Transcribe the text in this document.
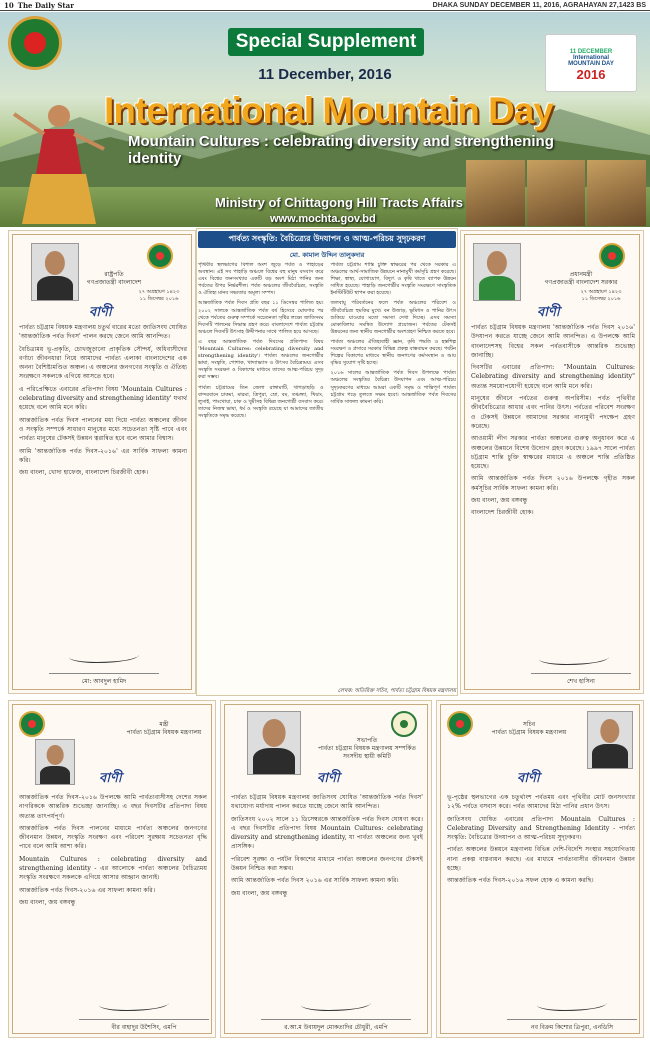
10 The Daily Star	DHAKA SUNDAY DECEMBER 11, 2016, AGRAHAYAN 27,1423 BS
Special Supplement
11 December, 2016
11 DECEMBER
International
MOUNTAIN DAY
2016
International Mountain Day
Mountain Cultures : celebrating diversity and strengthening identity
Ministry of Chittagong Hill Tracts Affairs
www.mochta.gov.bd
রাষ্ট্রপতি
গণপ্রজাতন্ত্রী বাংলাদেশ
২৭ অগ্রহায়ণ ১৪২৩
১১ ডিসেম্বর ২০১৬
বাণী

পার্বত্য চট্টগ্রাম বিষয়ক মন্ত্রণালয় চতুর্থ বারের মতো জাতিসংঘ ঘোষিত 'আন্তর্জাতিক পর্বত দিবস' পালন করছে জেনে আমি আনন্দিত।

বৈচিত্র্যময় ভূ-প্রকৃতি, চোখজুড়ানো প্রাকৃতিক সৌন্দর্য, অধিবাসীদের বর্ণাঢ্য জীবনধারা নিয়ে আমাদের পার্বত্য এলাকা বাংলাদেশের এক অনন্য বৈশিষ্ট্যমণ্ডিত অঞ্চল। এ অঞ্চলের জনগণের সংস্কৃতি ও ঐতিহ্য সংরক্ষণে সকলকে এগিয়ে আসতে হবে।

এ পরিপ্রেক্ষিতে এবারের প্রতিপাদ্য বিষয় 'Mountain Cultures : celebrating diversity and strengthening identity' যথার্থ হয়েছে বলে আমি মনে করি।

আন্তর্জাতিক পর্বত দিবস পালনের মধ্য দিয়ে পার্বত্য অঞ্চলের জীবন ও সংস্কৃতি সম্পর্কে সাধারণ মানুষের মধ্যে সচেতনতা সৃষ্টি পাবে এবং পার্বত্য মানুষের টেকসই উন্নয়ন ত্বরান্বিত হবে বলে আমার বিশ্বাস।

আমি 'আন্তর্জাতিক পর্বত দিবস-২০১৬' এর সার্বিক সাফল্য কামনা করি।

জয় বাংলা, খোদা হাফেজ, বাংলাদেশ চিরজীবী হোক।

মো: আবদুল হামিদ
পার্বত্য সংস্কৃতি: বৈচিত্র্যের উদযাপন ও আত্ম-পরিচয় সুদৃঢ়করণ
মো. কামাল উদ্দিন তালুকদার

পৃথিবীর স্থলভাগের বিশাল অংশ জুড়ে পর্বত ও পাহাড়ের অবস্থান। এই সব পাহাড়ি অঞ্চলে বিশ্বের বহু মানুষ বসবাস করে এবং বিশ্বের জনসংখ্যার একটি বড় অংশ মিঠা পানির জন্য পর্বতের উপর নির্ভরশীল। পর্বত অঞ্চলের জীববৈচিত্র্য, সংস্কৃতি ও ঐতিহ্য মানব সভ্যতার অমূল্য সম্পদ।

আন্তর্জাতিক পর্বত দিবস প্রতি বছর ১১ ডিসেম্বর পালিত হয়। ২০০২ সালকে আন্তর্জাতিক পর্বত বর্ষ হিসেবে ঘোষণার পর থেকে পর্বতের গুরুত্ব সম্পর্কে সচেতনতা সৃষ্টির লক্ষ্যে জাতিসংঘ দিবসটি পালনের সিদ্ধান্ত গ্রহণ করে। বাংলাদেশে পার্বত্য চট্টগ্রাম অঞ্চলে দিবসটি উৎসাহ উদ্দীপনার সাথে পালিত হয়ে আসছে।

এ বছর আন্তর্জাতিক পর্বত দিবসের প্রতিপাদ্য বিষয় 'Mountain Cultures: celebrating diversity and strengthening identity'। পার্বত্য অঞ্চলের জনগোষ্ঠীর ভাষা, সংস্কৃতি, পোশাক, খাদ্যাভ্যাস ও উৎসব বৈচিত্র্যময়। এসব সংস্কৃতি সংরক্ষণ ও বিকাশের মাধ্যমে তাদের আত্ম-পরিচয় সুদৃঢ় করা সম্ভব।

পার্বত্য চট্টগ্রামের তিন জেলা রাঙ্গামাটি, খাগড়াছড়ি ও বান্দরবানে চাকমা, মারমা, ত্রিপুরা, ম্রো, বম, তঞ্চঙ্গ্যা, খিয়াং, লুসাই, পাংখোয়া, চাক ও খুমীসহ বিভিন্ন জনগোষ্ঠী বসবাস করে। তাদের নিজস্ব ভাষা, ধর্ম ও সংস্কৃতি রয়েছে যা আমাদের জাতীয় সংস্কৃতিকে সমৃদ্ধ করেছে।

পার্বত্য চট্টগ্রাম শান্তি চুক্তি স্বাক্ষরের পর থেকে সরকার এ অঞ্চলের আর্থ-সামাজিক উন্নয়নে নানামুখী কর্মসূচি গ্রহণ করেছে। শিক্ষা, স্বাস্থ্য, যোগাযোগ, বিদ্যুৎ ও কৃষি খাতে ব্যাপক উন্নয়ন সাধিত হয়েছে। পাহাড়ি জনগোষ্ঠীর সংস্কৃতি সংরক্ষণে সাংস্কৃতিক ইনস্টিটিউট স্থাপন করা হয়েছে।

জলবায়ু পরিবর্তনের ফলে পর্বত অঞ্চলের পরিবেশ ও জীববৈচিত্র্য হুমকির মুখে। বন উজাড়, ভূমিধস ও পানির উৎস শুকিয়ে যাওয়ার মতো সমস্যা দেখা দিচ্ছে। এসব সমস্যা মোকাবিলায় সমন্বিত উদ্যোগ প্রয়োজন। পর্বতের টেকসই উন্নয়নের জন্য স্থানীয় জনগোষ্ঠীর অংশগ্রহণ নিশ্চিত করতে হবে।

পার্বত্য অঞ্চলের ঐতিহ্যবাহী জ্ঞান, কৃষি পদ্ধতি ও হস্তশিল্প সংরক্ষণ ও প্রসারে সরকার বিভিন্ন প্রকল্প বাস্তবায়ন করছে। পর্যটন শিল্পের বিকাশের মাধ্যমে স্থানীয় জনগণের কর্মসংস্থান ও আয় বৃদ্ধির সুযোগ সৃষ্টি হচ্ছে।

২০১৬ সালের আন্তর্জাতিক পর্বত দিবস উপলক্ষে পার্বত্য অঞ্চলের সংস্কৃতির বৈচিত্র্য উদযাপন এবং আত্ম-পরিচয় সুদৃঢ়করণের মাধ্যমে আমরা একটি সমৃদ্ধ ও শান্তিপূর্ণ পার্বত্য চট্টগ্রাম গড়ে তুলতে সক্ষম হবো। আন্তর্জাতিক পর্বত দিবসের সার্বিক সাফল্য কামনা করি।

লেখক: অতিরিক্ত সচিব, পার্বত্য চট্টগ্রাম বিষয়ক মন্ত্রণালয়
প্রধানমন্ত্রী
গণপ্রজাতন্ত্রী বাংলাদেশ সরকার
২৭ অগ্রহায়ণ ১৪২৩
১১ ডিসেম্বর ২০১৬
বাণী

পার্বত্য চট্টগ্রাম বিষয়ক মন্ত্রণালয় 'আন্তর্জাতিক পর্বত দিবস ২০১৬' উদযাপন করতে যাচ্ছে জেনে আমি আনন্দিত। এ উপলক্ষে আমি বাংলাদেশসহ বিশ্বের সকল পর্বতবাসীকে আন্তরিক শুভেচ্ছা জানাচ্ছি।

দিবসটির এবারের প্রতিপাদ্য: "Mountain Cultures: Celebrating diversity and strengthening identity" অত্যন্ত সময়োপযোগী হয়েছে বলে আমি মনে করি।

মানুষের জীবনে পর্বতের গুরুত্ব অপরিসীম। পর্বত পৃথিবীর জীববৈচিত্র্যের আধার এবং পানির উৎস। পর্বতের পরিবেশ সংরক্ষণ ও টেকসই উন্নয়নে আমাদের সরকার নানামুখী পদক্ষেপ গ্রহণ করেছে।

আওয়ামী লীগ সরকার পার্বত্য অঞ্চলের গুরুত্ব অনুধাবন করে এ অঞ্চলের উন্নয়নে বিশেষ উদ্যোগ গ্রহণ করেছে। ১৯৯৭ সালে পার্বত্য চট্টগ্রাম শান্তি চুক্তি স্বাক্ষরের মাধ্যমে এ অঞ্চলে শান্তি প্রতিষ্ঠিত হয়েছে।

আমি আন্তর্জাতিক পর্বত দিবস ২০১৬ উপলক্ষে গৃহীত সকল কর্মসূচির সার্বিক সাফল্য কামনা করি।

জয় বাংলা, জয় বঙ্গবন্ধু

বাংলাদেশ চিরজীবী হোক।

শেখ হাসিনা
মন্ত্রী
পার্বত্য চট্টগ্রাম বিষয়ক মন্ত্রণালয়
বাণী

আন্তর্জাতিক পর্বত দিবস-২০১৬ উপলক্ষে আমি পার্বত্যবাসীসহ দেশের সকল নাগরিককে আন্তরিক শুভেচ্ছা জানাচ্ছি। এ বছর দিবসটির প্রতিপাদ্য বিষয় অত্যন্ত তাৎপর্যপূর্ণ।

আন্তর্জাতিক পর্বত দিবস পালনের মাধ্যমে পার্বত্য অঞ্চলের জনগণের জীবনমান উন্নয়ন, সংস্কৃতি সংরক্ষণ এবং পরিবেশ সুরক্ষায় সচেতনতা বৃদ্ধি পাবে বলে আমি আশা করি।

Mountain Cultures : celebrating diversity and strengthening identity - এর আলোকে পার্বত্য অঞ্চলের বৈচিত্র্যময় সংস্কৃতি সংরক্ষণে সকলকে এগিয়ে আসার আহ্বান জানাই।

আন্তর্জাতিক পর্বত দিবস-২০১৬ এর সাফল্য কামনা করি।

জয় বাংলা, জয় বঙ্গবন্ধু

বীর বাহাদুর উশৈসিং, এমপি
সভাপতি
পার্বত্য চট্টগ্রাম বিষয়ক মন্ত্রণালয় সম্পর্কিত সংসদীয় স্থায়ী কমিটি
বাণী

পার্বত্য চট্টগ্রাম বিষয়ক মন্ত্রণালয় জাতিসংঘ ঘোষিত 'আন্তর্জাতিক পর্বত দিবস' যথাযোগ্য মর্যাদায় পালন করতে যাচ্ছে জেনে আমি আনন্দিত।

জাতিসংঘ ২০০২ সালে ১১ ডিসেম্বরকে আন্তর্জাতিক পর্বত দিবস ঘোষণা করে। এ বছর দিবসটির প্রতিপাদ্য বিষয় Mountain Cultures: celebrating diversity and strengthening identity, যা পার্বত্য অঞ্চলের জন্য খুবই প্রাসঙ্গিক।

পরিবেশ সুরক্ষা ও পর্যটন বিকাশের মাধ্যমে পার্বত্য অঞ্চলের জনগণের টেকসই উন্নয়ন নিশ্চিত করা সম্ভব।

আমি আন্তর্জাতিক পর্বত দিবস ২০১৬ এর সার্বিক সাফল্য কামনা করি।

জয় বাংলা, জয় বঙ্গবন্ধু

র.আ.ম উবায়দুল মোকতাদির চৌধুরী, এমপি
সচিব
পার্বত্য চট্টগ্রাম বিষয়ক মন্ত্রণালয়
বাণী

ভূ-পৃষ্ঠের স্থলভাগের এক চতুর্থাংশ পর্বতময় এবং পৃথিবীর মোট জনসংখ্যার ১২% পর্বতে বসবাস করে। পর্বত আমাদের মিঠা পানির প্রধান উৎস।

জাতিসংঘ ঘোষিত এবারের প্রতিপাদ্য Mountain Cultures : Celebrating Diversity and Strengthening Identity - পার্বত্য সংস্কৃতি: বৈচিত্র্যের উদযাপন ও আত্ম-পরিচয় সুদৃঢ়করণ।

পার্বত্য অঞ্চলের উন্নয়নে মন্ত্রণালয় বিভিন্ন দেশি-বিদেশি সংস্থার সহযোগিতায় নানা প্রকল্প বাস্তবায়ন করছে। এর মাধ্যমে পার্বত্যবাসীর জীবনমান উন্নয়ন হচ্ছে।

আন্তর্জাতিক পর্বত দিবস-২০১৬ সফল হোক এ কামনা করছি।

নব বিক্রম কিশোর ত্রিপুরা, এনডিসি
